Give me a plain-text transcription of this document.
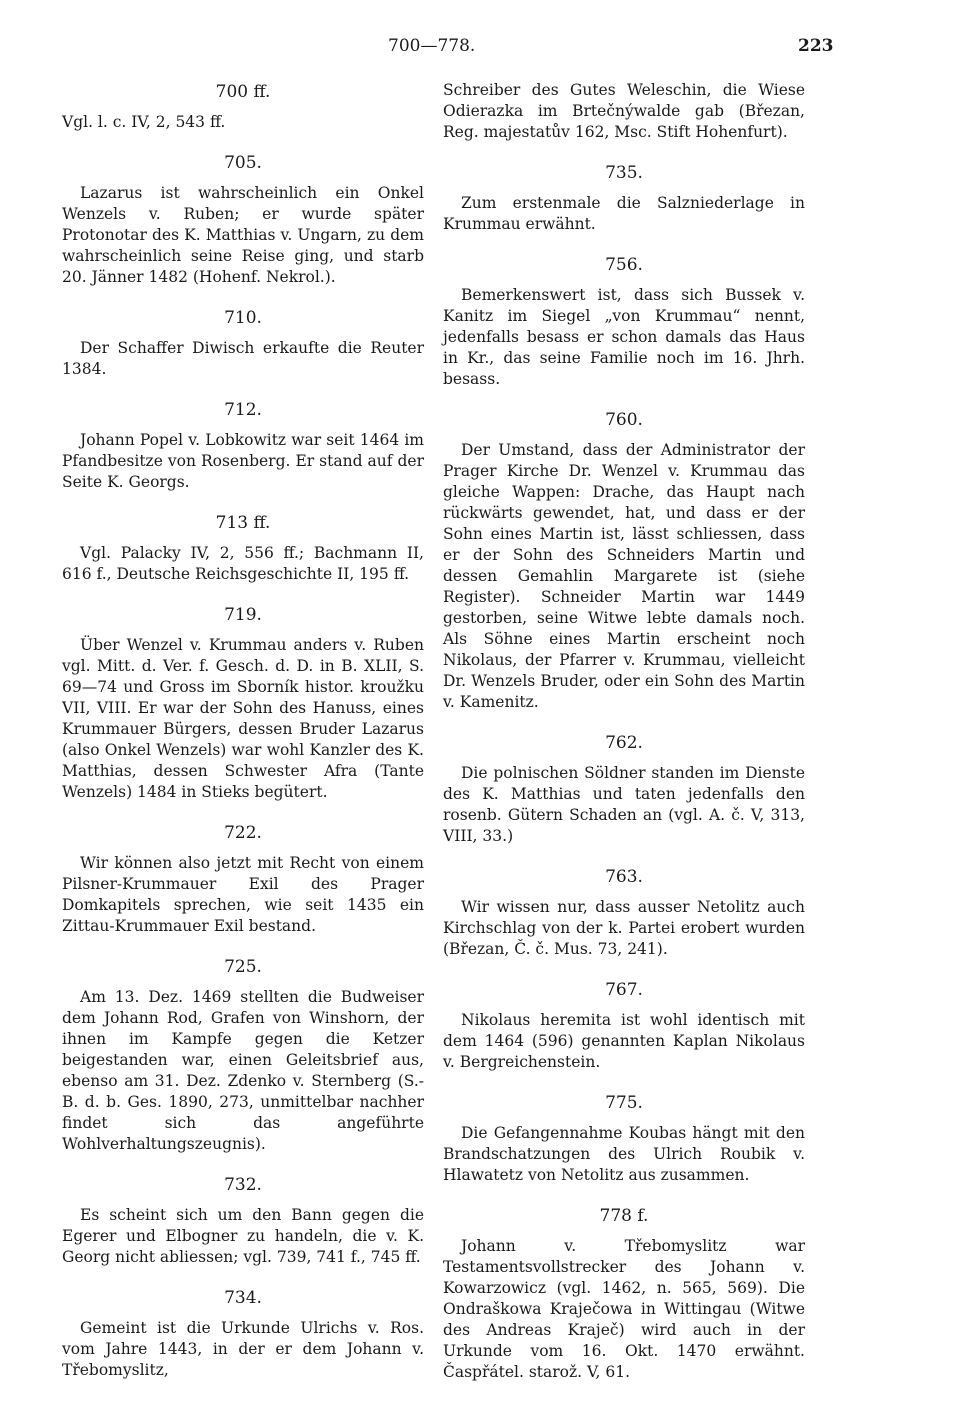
700—778.	223
700 ff.
Vgl. l. c. IV, 2, 543 ff.
705.

Lazarus ist wahrscheinlich ein Onkel Wenzels v. Ruben; er wurde später Protonotar des K. Matthias v. Ungarn, zu dem wahrscheinlich seine Reise ging, und starb 20. Jänner 1482 (Hohenf. Nekrol.).

710.

Der Schaffer Diwisch erkaufte die Reuter 1384.

712.

Johann Popel v. Lobkowitz war seit 1464 im Pfandbesitze von Rosenberg. Er stand auf der Seite K. Georgs.

713 ff.

Vgl. Palacky IV, 2, 556 ff.; Bachmann II, 616 f., Deutsche Reichsgeschichte II, 195 ff.

719.

Über Wenzel v. Krummau anders v. Ruben vgl. Mitt. d. Ver. f. Gesch. d. D. in B. XLII, S. 69—74 und Gross im Sborník histor. kroužku VII, VIII. Er war der Sohn des Hanuss, eines Krummauer Bürgers, dessen Bruder Lazarus (also Onkel Wenzels) war wohl Kanzler des K. Matthias, dessen Schwester Afra (Tante Wenzels) 1484 in Stieks begütert.

722.

Wir können also jetzt mit Recht von einem Pilsner-Krummauer Exil des Prager Domkapitels sprechen, wie seit 1435 ein Zittau-Krummauer Exil bestand.

725.

Am 13. Dez. 1469 stellten die Budweiser dem Johann Rod, Grafen von Winshorn, der ihnen im Kampfe gegen die Ketzer beigestanden war, einen Geleitsbrief aus, ebenso am 31. Dez. Zdenko v. Sternberg (S.-B. d. b. Ges. 1890, 273, unmittelbar nachher findet sich das angeführte Wohlverhaltungszeugnis).

732.

Es scheint sich um den Bann gegen die Egerer und Elbogner zu handeln, die v. K. Georg nicht abliessen; vgl. 739, 741 f., 745 ff.

734.

Gemeint ist die Urkunde Ulrichs v. Ros. vom Jahre 1443, in der er dem Johann v. Třebomyslitz,

Schreiber des Gutes Weleschin, die Wiese Odierazka im Brtečnýwalde gab (Březan, Reg. majestatův 162, Msc. Stift Hohenfurt).

735.

Zum erstenmale die Salzniederlage in Krummau erwähnt.

756.

Bemerkenswert ist, dass sich Bussek v. Kanitz im Siegel „von Krummau“ nennt, jedenfalls besass er schon damals das Haus in Kr., das seine Familie noch im 16. Jhrh. besass.

760.

Der Umstand, dass der Administrator der Prager Kirche Dr. Wenzel v. Krummau das gleiche Wappen: Drache, das Haupt nach rückwärts gewendet, hat, und dass er der Sohn eines Martin ist, lässt schliessen, dass er der Sohn des Schneiders Martin und dessen Gemahlin Margarete ist (siehe Register). Schneider Martin war 1449 gestorben, seine Witwe lebte damals noch. Als Söhne eines Martin erscheint noch Nikolaus, der Pfarrer v. Krummau, vielleicht Dr. Wenzels Bruder, oder ein Sohn des Martin v. Kamenitz.

762.

Die polnischen Söldner standen im Dienste des K. Matthias und taten jedenfalls den rosenb. Gütern Schaden an (vgl. A. č. V, 313, VIII, 33.)

763.

Wir wissen nur, dass ausser Netolitz auch Kirchschlag von der k. Partei erobert wurden (Březan, Č. č. Mus. 73, 241).

767.

Nikolaus heremita ist wohl identisch mit dem 1464 (596) genannten Kaplan Nikolaus v. Bergreichenstein.

775.

Die Gefangennahme Koubas hängt mit den Brandschatzungen des Ulrich Roubik v. Hlawatetz von Netolitz aus zusammen.

778 f.

Johann v. Třebomyslitz war Testamentsvollstrecker des Johann v. Kowarzowicz (vgl. 1462, n. 565, 569). Die Ondraškowa Kraječowa in Wittingau (Witwe des Andreas Kraječ) wird auch in der Urkunde vom 16. Okt. 1470 erwähnt. Časpřátel. starož. V, 61.
